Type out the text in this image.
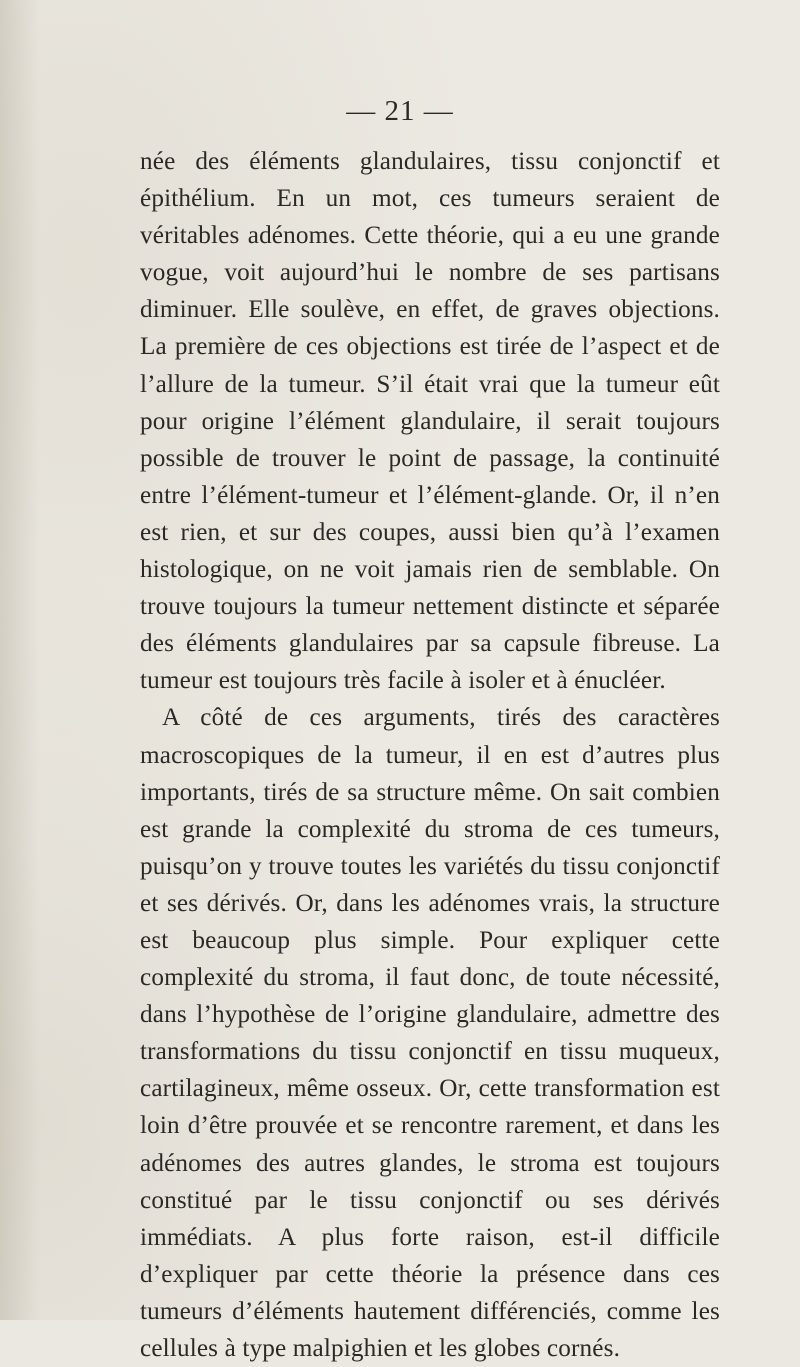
— 21 —

née des éléments glandulaires, tissu conjonctif et épithélium. En un mot, ces tumeurs seraient de véritables adénomes. Cette théorie, qui a eu une grande vogue, voit aujourd’hui le nombre de ses partisans diminuer. Elle soulève, en effet, de graves objections. La première de ces objections est tirée de l’aspect et de l’allure de la tumeur. S’il était vrai que la tumeur eût pour origine l’élément glandulaire, il serait toujours possible de trouver le point de passage, la continuité entre l’élément-tumeur et l’élément-glande. Or, il n’en est rien, et sur des coupes, aussi bien qu’à l’examen histologique, on ne voit jamais rien de semblable. On trouve toujours la tumeur nettement distincte et séparée des éléments glandulaires par sa capsule fibreuse. La tumeur est toujours très facile à isoler et à énucléer.

A côté de ces arguments, tirés des caractères macroscopiques de la tumeur, il en est d’autres plus importants, tirés de sa structure même. On sait combien est grande la complexité du stroma de ces tumeurs, puisqu’on y trouve toutes les variétés du tissu conjonctif et ses dérivés. Or, dans les adénomes vrais, la structure est beaucoup plus simple. Pour expliquer cette complexité du stroma, il faut donc, de toute nécessité, dans l’hypothèse de l’origine glandulaire, admettre des transformations du tissu conjonctif en tissu muqueux, cartilagineux, même osseux. Or, cette transformation est loin d’être prouvée et se rencontre rarement, et dans les adénomes des autres glandes, le stroma est toujours constitué par le tissu conjonctif ou ses dérivés immédiats. A plus forte raison, est-il difficile d’expliquer par cette théorie la présence dans ces tumeurs d’éléments hautement différenciés, comme les cellules à type malpighien et les globes cornés.
